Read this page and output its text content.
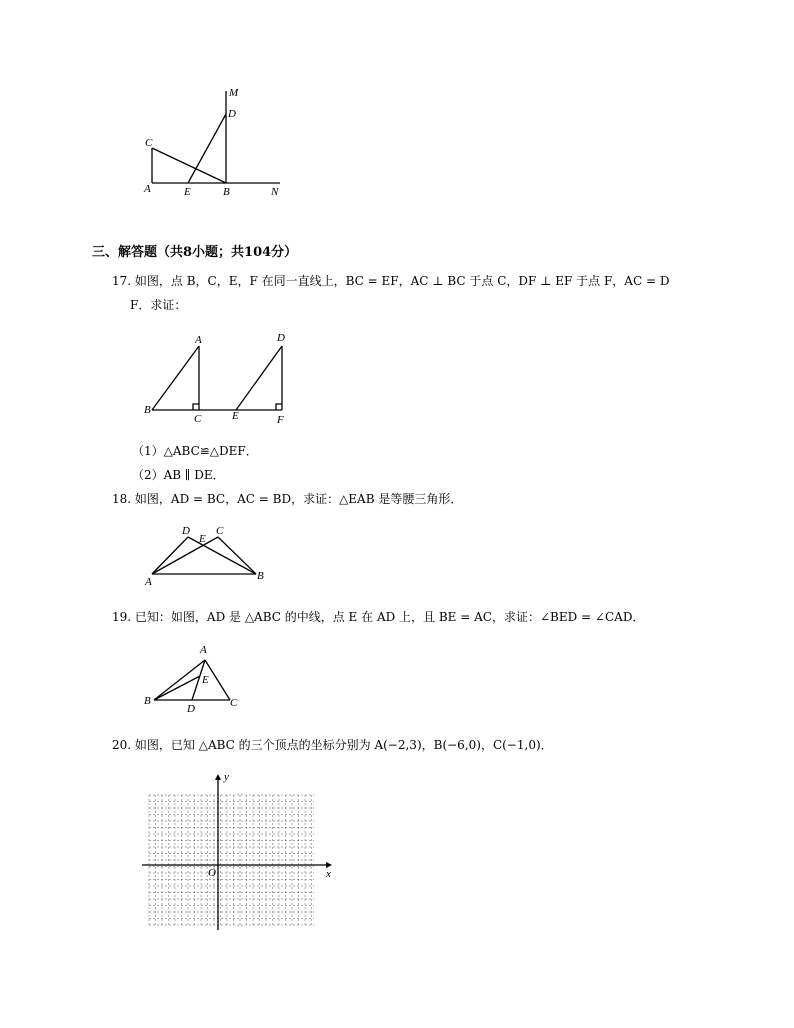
M
D
C
A	E	B	N
三、解答题（共8小题；共104分）
17. 如图，点 B，C，E，F 在同一直线上，BC = EF，AC ⊥ BC 于点 C，DF ⊥ EF 于点 F，AC = D
F．求证：
A
B
C
D
E	F
（1）△ABC≌△DEF．
（2）AB ∥ DE．
18. 如图，AD = BC，AC = BD，求证：△EAB 是等腰三角形．
D
E
C
A	B
19. 已知：如图，AD 是 △ABC 的中线，点 E 在 AD 上，且 BE = AC，求证：∠BED = ∠CAD．
A
E
B
D	C
20. 如图，已知 △ABC 的三个顶点的坐标分别为 A(−2,3)，B(−6,0)，C(−1,0)．
y
x
O
